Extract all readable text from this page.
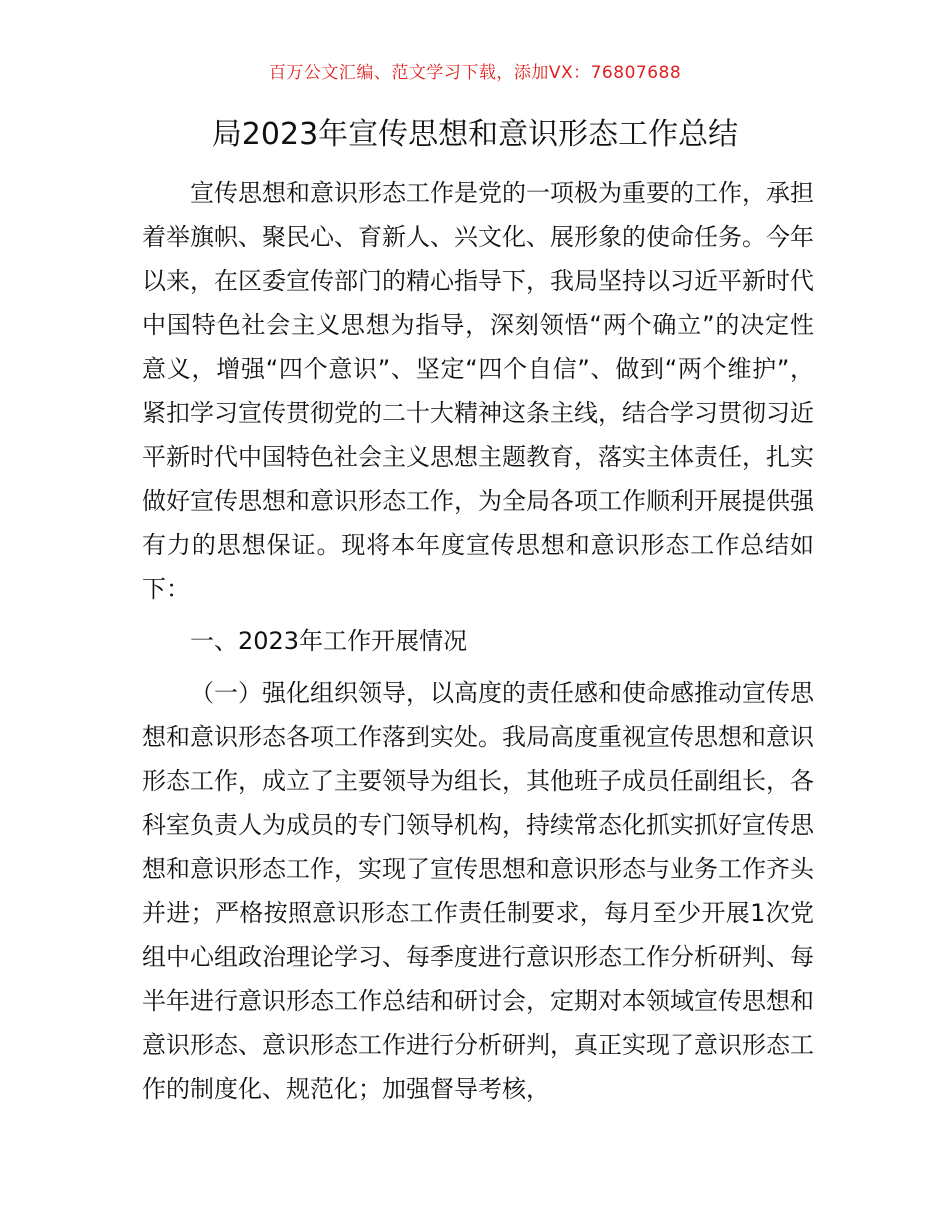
百万公文汇编、范文学习下载，添加VX：76807688
局2023年宣传思想和意识形态工作总结

宣传思想和意识形态工作是党的一项极为重要的工作，承担着举旗帜、聚民心、育新人、兴文化、展形象的使命任务。今年以来，在区委宣传部门的精心指导下，我局坚持以习近平新时代中国特色社会主义思想为指导，深刻领悟“两个确立”的决定性意义，增强“四个意识”、坚定“四个自信”、做到“两个维护”，紧扣学习宣传贯彻党的二十大精神这条主线，结合学习贯彻习近平新时代中国特色社会主义思想主题教育，落实主体责任，扎实做好宣传思想和意识形态工作，为全局各项工作顺利开展提供强有力的思想保证。现将本年度宣传思想和意识形态工作总结如下：

一、2023年工作开展情况

（一）强化组织领导，以高度的责任感和使命感推动宣传思想和意识形态各项工作落到实处。我局高度重视宣传思想和意识形态工作，成立了主要领导为组长，其他班子成员任副组长，各科室负责人为成员的专门领导机构，持续常态化抓实抓好宣传思想和意识形态工作，实现了宣传思想和意识形态与业务工作齐头并进；严格按照意识形态工作责任制要求，每月至少开展1次党组中心组政治理论学习、每季度进行意识形态工作分析研判、每半年进行意识形态工作总结和研讨会，定期对本领域宣传思想和意识形态、意识形态工作进行分析研判，真正实现了意识形态工作的制度化、规范化；加强督导考核，
